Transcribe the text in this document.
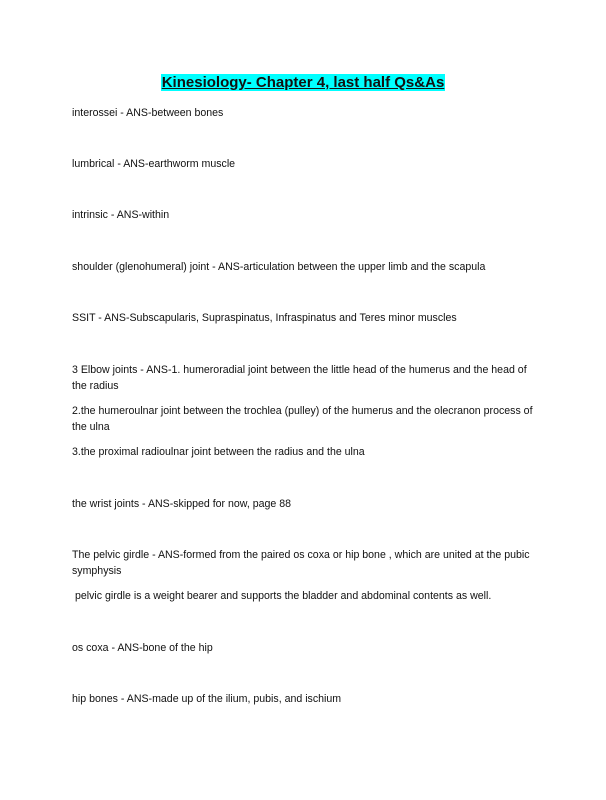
Kinesiology- Chapter 4, last half Qs&As
interossei - ANS-between bones
lumbrical - ANS-earthworm muscle
intrinsic - ANS-within
shoulder (glenohumeral) joint - ANS-articulation between the upper limb and the scapula
SSIT - ANS-Subscapularis, Supraspinatus, Infraspinatus and Teres minor muscles
3 Elbow joints - ANS-1. humeroradial joint between the little head of the humerus and the head of the radius
2.the humeroulnar joint between the trochlea (pulley) of the humerus and the olecranon process of the ulna
3.the proximal radioulnar joint between the radius and the ulna
the wrist joints - ANS-skipped for now, page 88
The pelvic girdle - ANS-formed from the paired os coxa or hip bone , which are united at the pubic symphysis
pelvic girdle is a weight bearer and supports the bladder and abdominal contents as well.
os coxa - ANS-bone of the hip
hip bones - ANS-made up of the ilium, pubis, and ischium
